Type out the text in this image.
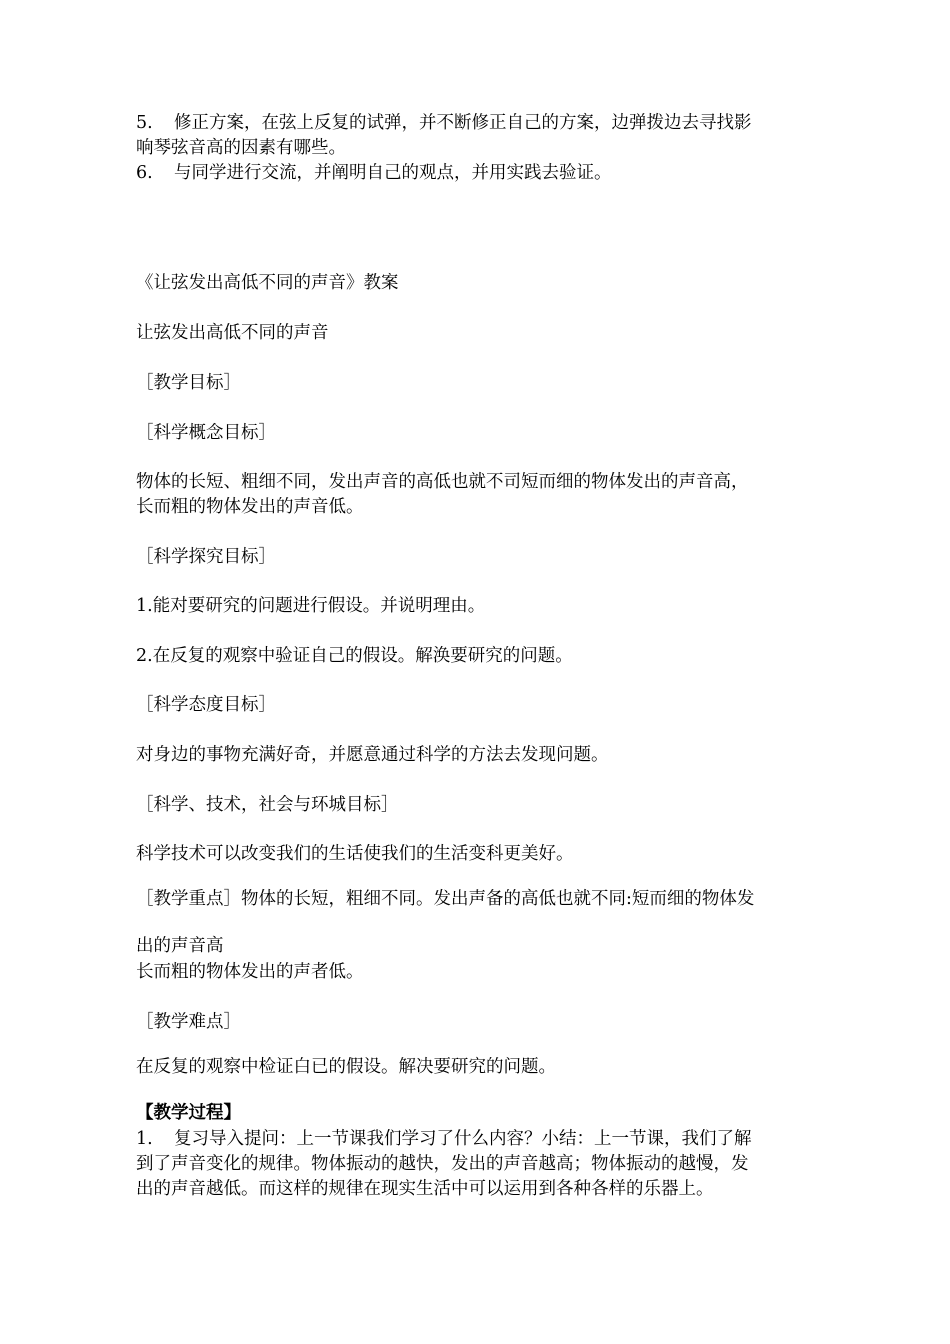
5. 修正方案，在弦上反复的试弹，并不断修正自己的方案，边弹拨边去寻找影
响琴弦音高的因素有哪些。
6. 与同学进行交流，并阐明自己的观点，并用实践去验证。
《让弦发出高低不同的声音》教案
让弦发出高低不同的声音
［教学目标］
［科学概念目标］
物体的长短、粗细不同，发出声音的高低也就不司短而细的物体发出的声音高，
长而粗的物体发出的声音低。
［科学探究目标］
1.能对要研究的问题进行假设。并说明理由。
2.在反复的观察中验证自己的假设。解涣要研究的问题。
［科学态度目标］
对身边的事物充满好奇，并愿意通过科学的方法去发现问题。
［科学、技术，社会与环城目标］
科学技术可以改变我们的生话使我们的生活变科更美好。
［教学重点］物体的长短，粗细不同。发出声备的高低也就不同:短而细的物体发
出的声音高
长而粗的物体发出的声者低。
［教学难点］
在反复的观察中检证白已的假设。解决要研究的问题。
【教学过程】
1. 复习导入提问：上一节课我们学习了什么内容？小结：上一节课，我们了解
到了声音变化的规律。物体振动的越快，发出的声音越高；物体振动的越慢，发
出的声音越低。而这样的规律在现实生活中可以运用到各种各样的乐器上。
